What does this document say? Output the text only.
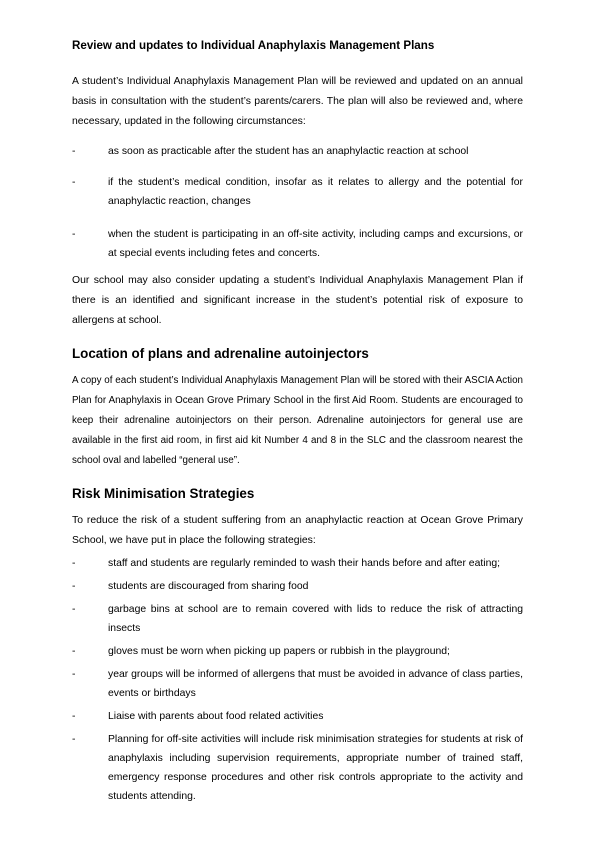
Review and updates to Individual Anaphylaxis Management Plans

A student’s Individual Anaphylaxis Management Plan will be reviewed and updated on an annual basis in consultation with the student’s parents/carers. The plan will also be reviewed and, where necessary, updated in the following circumstances:

-	as soon as practicable after the student has an anaphylactic reaction at school
-	if the student’s medical condition, insofar as it relates to allergy and the potential for anaphylactic reaction, changes
-	when the student is participating in an off-site activity, including camps and excursions, or at special events including fetes and concerts.

Our school may also consider updating a student’s Individual Anaphylaxis Management Plan if there is an identified and significant increase in the student’s potential risk of exposure to allergens at school.

Location of plans and adrenaline autoinjectors

A copy of each student’s Individual Anaphylaxis Management Plan will be stored with their ASCIA Action Plan for Anaphylaxis in Ocean Grove Primary School in the first Aid Room. Students are encouraged to keep their adrenaline autoinjectors on their person. Adrenaline autoinjectors for general use are available in the first aid room, in first aid kit Number 4 and 8 in the SLC and the classroom nearest the school oval and labelled “general use”.

Risk Minimisation Strategies

To reduce the risk of a student suffering from an anaphylactic reaction at Ocean Grove Primary School, we have put in place the following strategies:

-	staff and students are regularly reminded to wash their hands before and after eating;
-	students are discouraged from sharing food
-	garbage bins at school are to remain covered with lids to reduce the risk of attracting insects
-	gloves must be worn when picking up papers or rubbish in the playground;
-	year groups will be informed of allergens that must be avoided in advance of class parties, events or birthdays
-	Liaise with parents about food related activities
-	Planning for off-site activities will include risk minimisation strategies for students at risk of anaphylaxis including supervision requirements, appropriate number of trained staff, emergency response procedures and other risk controls appropriate to the activity and students attending.
